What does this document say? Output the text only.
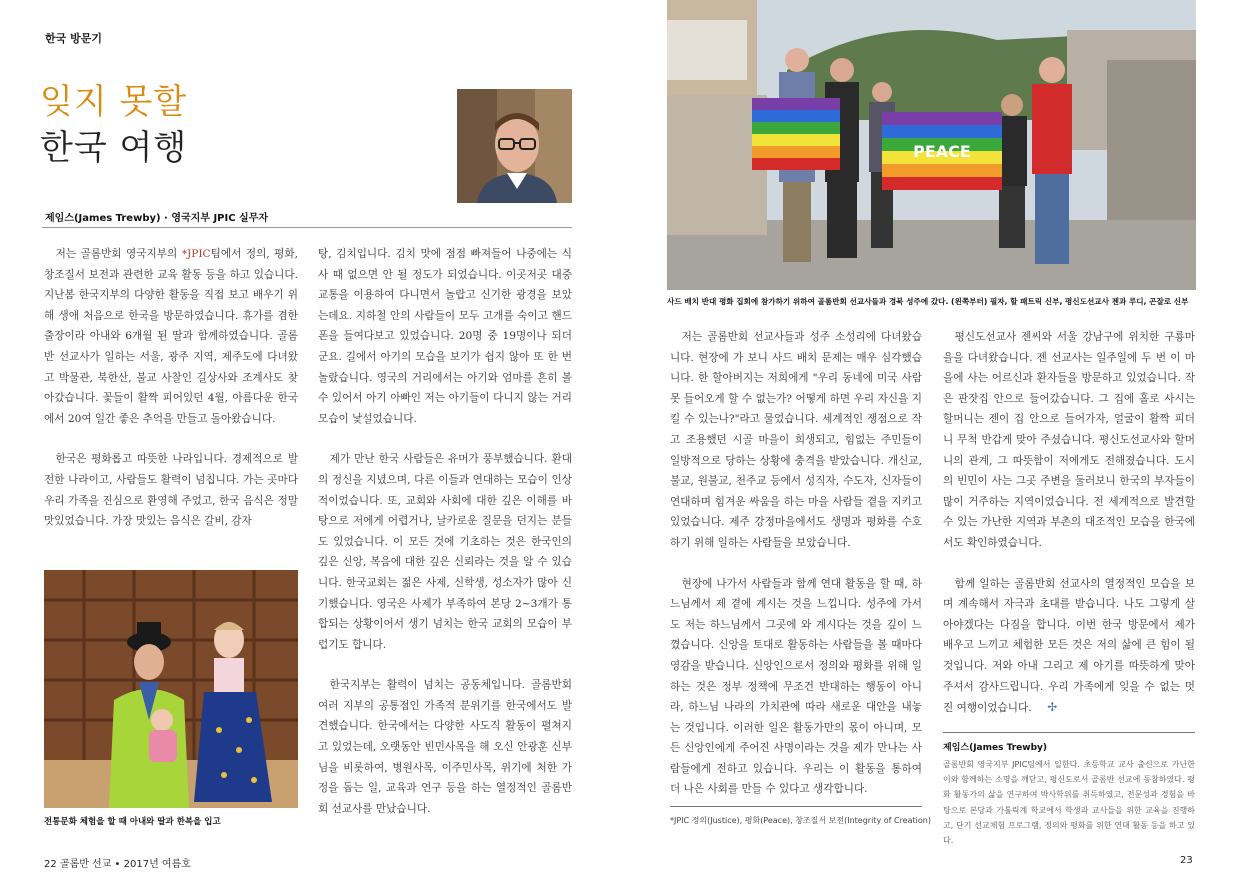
한국 방문기
잊지 못할
한국 여행
제임스(James Trewby) · 영국지부 JPIC 실무자

저는 골롬반회 영국지부의 *JPIC팀에서 정의, 평화, 창조질서 보전과 관련한 교육 활동 등을 하고 있습니다. 지난봄 한국지부의 다양한 활동을 직접 보고 배우기 위해 생애 처음으로 한국을 방문하였습니다. 휴가를 겸한 출장이라 아내와 6개월 된 딸과 함께하였습니다. 골롬반 선교사가 일하는 서울, 광주 지역, 제주도에 다녀왔고 박물관, 북한산, 불교 사찰인 길상사와 조계사도 찾아갔습니다. 꽃들이 활짝 피어있던 4월, 아름다운 한국에서 20여 일간 좋은 추억을 만들고 돌아왔습니다.

한국은 평화롭고 따뜻한 나라입니다. 경제적으로 발전한 나라이고, 사람들도 활력이 넘칩니다. 가는 곳마다 우리 가족을 진심으로 환영해 주었고, 한국 음식은 정말 맛있었습니다. 가장 맛있는 음식은 갈비, 감자

전통문화 체험을 할 때 아내와 딸과 한복을 입고

탕, 김치입니다. 김치 맛에 점점 빠져들어 나중에는 식사 때 없으면 안 될 정도가 되었습니다. 이곳저곳 대중교통을 이용하여 다니면서 놀랍고 신기한 광경을 보았는데요. 지하철 안의 사람들이 모두 고개를 숙이고 핸드폰을 들여다보고 있었습니다. 20명 중 19명이나 되더군요. 길에서 아기의 모습을 보기가 쉽지 않아 또 한 번 놀랐습니다. 영국의 거리에서는 아기와 엄마를 흔히 볼 수 있어서 아기 아빠인 저는 아기들이 다니지 않는 거리 모습이 낯설었습니다.

제가 만난 한국 사람들은 유머가 풍부했습니다. 환대의 정신을 지녔으며, 다른 이들과 연대하는 모습이 인상적이었습니다. 또, 교회와 사회에 대한 깊은 이해를 바탕으로 저에게 어렵거나, 날카로운 질문을 던지는 분들도 있었습니다. 이 모든 것에 기초하는 것은 한국인의 깊은 신앙, 복음에 대한 깊은 신뢰라는 것을 알 수 있습니다. 한국교회는 젊은 사제, 신학생, 성소자가 많아 신기했습니다. 영국은 사제가 부족하여 본당 2~3개가 통합되는 상황이어서 생기 넘치는 한국 교회의 모습이 부럽기도 합니다.

한국지부는 활력이 넘치는 공동체입니다. 골롬반회 여러 지부의 공통점인 가족적 분위기를 한국에서도 발견했습니다. 한국에서는 다양한 사도직 활동이 펼쳐지고 있었는데, 오랫동안 빈민사목을 해 오신 안광훈 신부님을 비롯하여, 병원사목, 이주민사목, 위기에 처한 가정을 돕는 일, 교육과 연구 등을 하는 열정적인 골롬반회 선교사를 만났습니다.

PEACE
사드 배치 반대 평화 집회에 참가하기 위하여 골롬반회 선교사들과 경북 성주에 갔다. (왼쪽부터) 필자, 할 패트릭 신부, 평신도선교사 젠과 루디, 곤잘로 신부

저는 골롬반회 선교사들과 성주 소성리에 다녀왔습니다. 현장에 가 보니 사드 배치 문제는 매우 심각했습니다. 한 할아버지는 저희에게 "우리 동네에 미국 사람 못 들어오게 할 수 없는가? 어떻게 하면 우리 자신을 지킬 수 있는나?"라고 물었습니다. 세계적인 쟁점으로 작고 조용했던 시골 마을이 희생되고, 힘없는 주민들이 일방적으로 당하는 상황에 충격을 받았습니다. 개신교, 불교, 원불교, 천주교 등에서 성직자, 수도자, 신자들이 연대하며 힘겨운 싸움을 하는 마을 사람들 곁을 지키고 있었습니다. 제주 강정마을에서도 생명과 평화를 수호하기 위해 일하는 사람들을 보았습니다.

현장에 나가서 사람들과 함께 연대 활동을 할 때, 하느님께서 제 곁에 계시는 것을 느낍니다. 성주에 가서도 저는 하느님께서 그곳에 와 계시다는 것을 깊이 느꼈습니다. 신앙을 토대로 활동하는 사람들을 볼 때마다 영감을 받습니다. 신앙인으로서 정의와 평화를 위해 일하는 것은 정부 정책에 무조건 반대하는 행동이 아니라, 하느님 나라의 가치관에 따라 새로운 대안을 내놓는 것입니다. 이러한 일은 활동가만의 몫이 아니며, 모든 신앙인에게 주어진 사명이라는 것을 제가 만나는 사람들에게 전하고 있습니다. 우리는 이 활동을 통하여 더 나은 사회를 만들 수 있다고 생각합니다.

평신도선교사 젠씨와 서울 강남구에 위치한 구룡마을을 다녀왔습니다. 젠 선교사는 일주일에 두 번 이 마을에 사는 어르신과 환자들을 방문하고 있었습니다. 작은 판잣집 안으로 들어갔습니다. 그 집에 홀로 사시는 할머니는 젠이 집 안으로 들어가자, 얼굴이 활짝 피더니 무척 반갑게 맞아 주셨습니다. 평신도선교사와 할머니의 관계, 그 따뜻함이 저에게도 전해졌습니다. 도시의 빈민이 사는 그곳 주변을 둘러보니 한국의 부자들이 많이 거주하는 지역이었습니다. 전 세계적으로 발견할 수 있는 가난한 지역과 부촌의 대조적인 모습을 한국에서도 확인하였습니다.

함께 일하는 골롬반회 선교사의 열정적인 모습을 보며 계속해서 자극과 초대를 받습니다. 나도 그렇게 살아야겠다는 다짐을 합니다. 이번 한국 방문에서 제가 배우고 느끼고 체험한 모든 것은 저의 삶에 큰 힘이 될 것입니다. 저와 아내 그리고 제 아기를 따뜻하게 맞아 주셔서 감사드립니다. 우리 가족에게 잊을 수 없는 멋진 여행이었습니다. ✢

*JPIC 정의(Justice), 평화(Peace), 창조질서 보전(Integrity of Creation)
제임스(James Trewby)
골롬반회 영국지부 JPIC팀에서 일한다. 초등학교 교사 출신으로 가난한 이와 함께하는 소명을 깨닫고, 평신도로서 골롬반 선교에 동참하였다. 평화 활동가의 삶을 연구하여 박사학위를 취득하였고, 전문성과 경험을 바탕으로 본당과 가톨릭계 학교에서 학생과 교사들을 위한 교육을 진행하고, 단기 선교체험 프로그램, 정의와 평화를 위한 연대 활동 등을 하고 있다.
22 골롬반 선교 • 2017년 여름호	23
